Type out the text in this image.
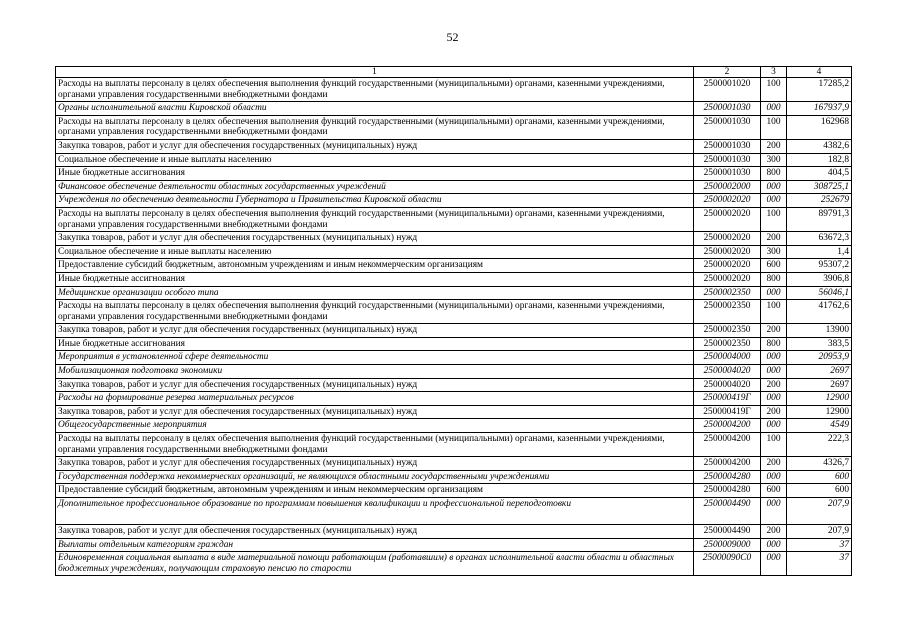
52
1	2	3	4
Расходы на выплаты персоналу в целях обеспечения выполнения функций государственными (муниципальными) органами, казенными учреждениями, органами управления государственными внебюджетными фондами	2500001020	100	17285,2
Органы исполнительной власти Кировской области	2500001030	000	167937,9
Расходы на выплаты персоналу в целях обеспечения выполнения функций государственными (муниципальными) органами, казенными учреждениями, органами управления государственными внебюджетными фондами	2500001030	100	162968
Закупка товаров, работ и услуг для обеспечения государственных (муниципальных) нужд	2500001030	200	4382,6
Социальное обеспечение и иные выплаты населению	2500001030	300	182,8
Иные бюджетные ассигнования	2500001030	800	404,5
Финансовое обеспечение деятельности областных государственных учреждений	2500002000	000	308725,1
Учреждения по обеспечению деятельности Губернатора и Правительства Кировской области	2500002020	000	252679
Расходы на выплаты персоналу в целях обеспечения выполнения функций государственными (муниципальными) органами, казенными учреждениями, органами управления государственными внебюджетными фондами	2500002020	100	89791,3
Закупка товаров, работ и услуг для обеспечения государственных (муниципальных) нужд	2500002020	200	63672,3
Социальное обеспечение и иные выплаты населению	2500002020	300	1,4
Предоставление субсидий бюджетным, автономным учреждениям и иным некоммерческим организациям	2500002020	600	95307,2
Иные бюджетные ассигнования	2500002020	800	3906,8
Медицинские организации особого типа	2500002350	000	56046,1
Расходы на выплаты персоналу в целях обеспечения выполнения функций государственными (муниципальными) органами, казенными учреждениями, органами управления государственными внебюджетными фондами	2500002350	100	41762,6
Закупка товаров, работ и услуг для обеспечения государственных (муниципальных) нужд	2500002350	200	13900
Иные бюджетные ассигнования	2500002350	800	383,5
Мероприятия в установленной сфере деятельности	2500004000	000	20953,9
Мобилизационная подготовка экономики	2500004020	000	2697
Закупка товаров, работ и услуг для обеспечения государственных (муниципальных) нужд	2500004020	200	2697
Расходы на формирование резерва материальных ресурсов	250000419Г	000	12900
Закупка товаров, работ и услуг для обеспечения государственных (муниципальных) нужд	250000419Г	200	12900
Общегосударственные мероприятия	2500004200	000	4549
Расходы на выплаты персоналу в целях обеспечения выполнения функций государственными (муниципальными) органами, казенными учреждениями, органами управления государственными внебюджетными фондами	2500004200	100	222,3
Закупка товаров, работ и услуг для обеспечения государственных (муниципальных) нужд	2500004200	200	4326,7
Государственная поддержка некоммерческих организаций, не являющихся областными государственными учреждениями	2500004280	000	600
Предоставление субсидий бюджетным, автономным учреждениям и иным некоммерческим организациям	2500004280	600	600
Дополнительное профессиональное образование по программам повышения квалификации и профессиональной переподготовки	2500004490	000	207,9
Закупка товаров, работ и услуг для обеспечения государственных (муниципальных) нужд	2500004490	200	207,9
Выплаты отдельным категориям граждан	2500009000	000	37
Единовременная социальная выплата в виде материальной помощи работающим (работавшим) в органах исполнительной власти области и областных бюджетных учреждениях, получающим страховую пенсию по старости	25000090С0	000	37
